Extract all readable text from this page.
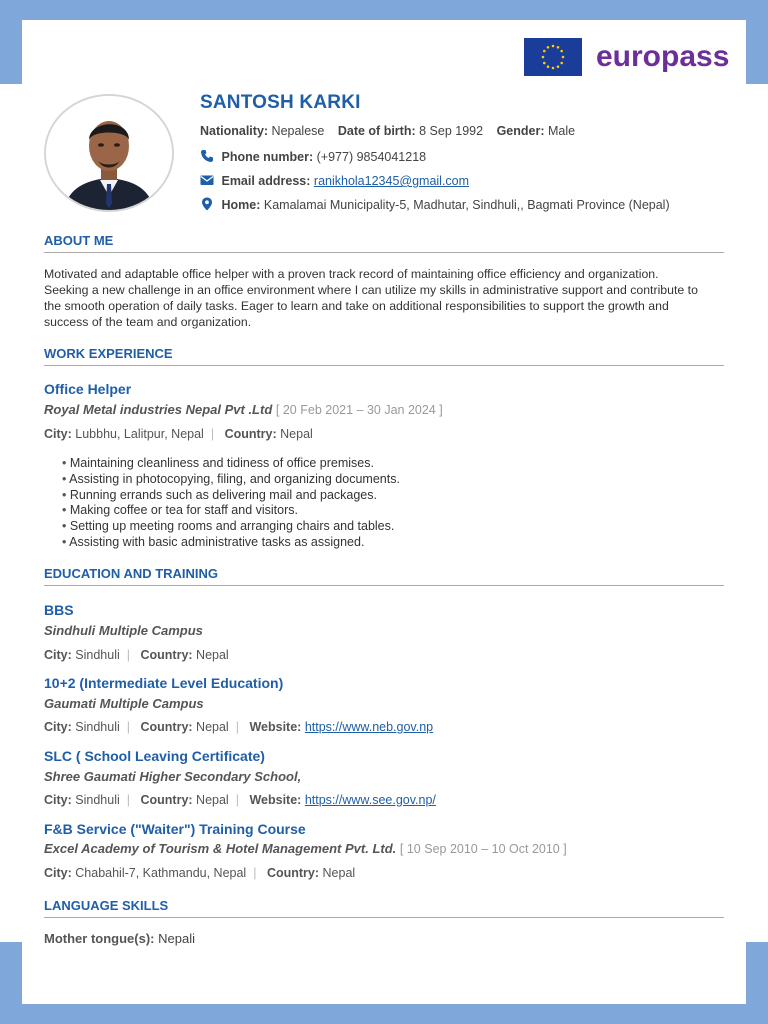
europass
SANTOSH KARKI
Nationality: Nepalese Date of birth: 8 Sep 1992 Gender: Male
Phone number: (+977) 9854041218
Email address: ranikhola12345@gmail.com
Home: Kamalamai Municipality-5, Madhutar, Sindhuli,, Bagmati Province (Nepal)
ABOUT ME
Motivated and adaptable office helper with a proven track record of maintaining office efficiency and organization. Seeking a new challenge in an office environment where I can utilize my skills in administrative support and contribute to the smooth operation of daily tasks. Eager to learn and take on additional responsibilities to support the growth and success of the team and organization.
WORK EXPERIENCE
Office Helper
Royal Metal industries Nepal Pvt .Ltd [ 20 Feb 2021 – 30 Jan 2024 ]
City: Lubbhu, Lalitpur, Nepal | Country: Nepal
• Maintaining cleanliness and tidiness of office premises.
• Assisting in photocopying, filing, and organizing documents.
• Running errands such as delivering mail and packages.
• Making coffee or tea for staff and visitors.
• Setting up meeting rooms and arranging chairs and tables.
• Assisting with basic administrative tasks as assigned.
EDUCATION AND TRAINING
BBS
Sindhuli Multiple Campus
City: Sindhuli | Country: Nepal
10+2 (Intermediate Level Education)
Gaumati Multiple Campus
City: Sindhuli | Country: Nepal | Website: https://www.neb.gov.np
SLC ( School Leaving Certificate)
Shree Gaumati Higher Secondary School,
City: Sindhuli | Country: Nepal | Website: https://www.see.gov.np/
F&B Service ("Waiter") Training Course
Excel Academy of Tourism & Hotel Management Pvt. Ltd. [ 10 Sep 2010 – 10 Oct 2010 ]
City: Chabahil-7, Kathmandu, Nepal | Country: Nepal
LANGUAGE SKILLS
Mother tongue(s): Nepali
